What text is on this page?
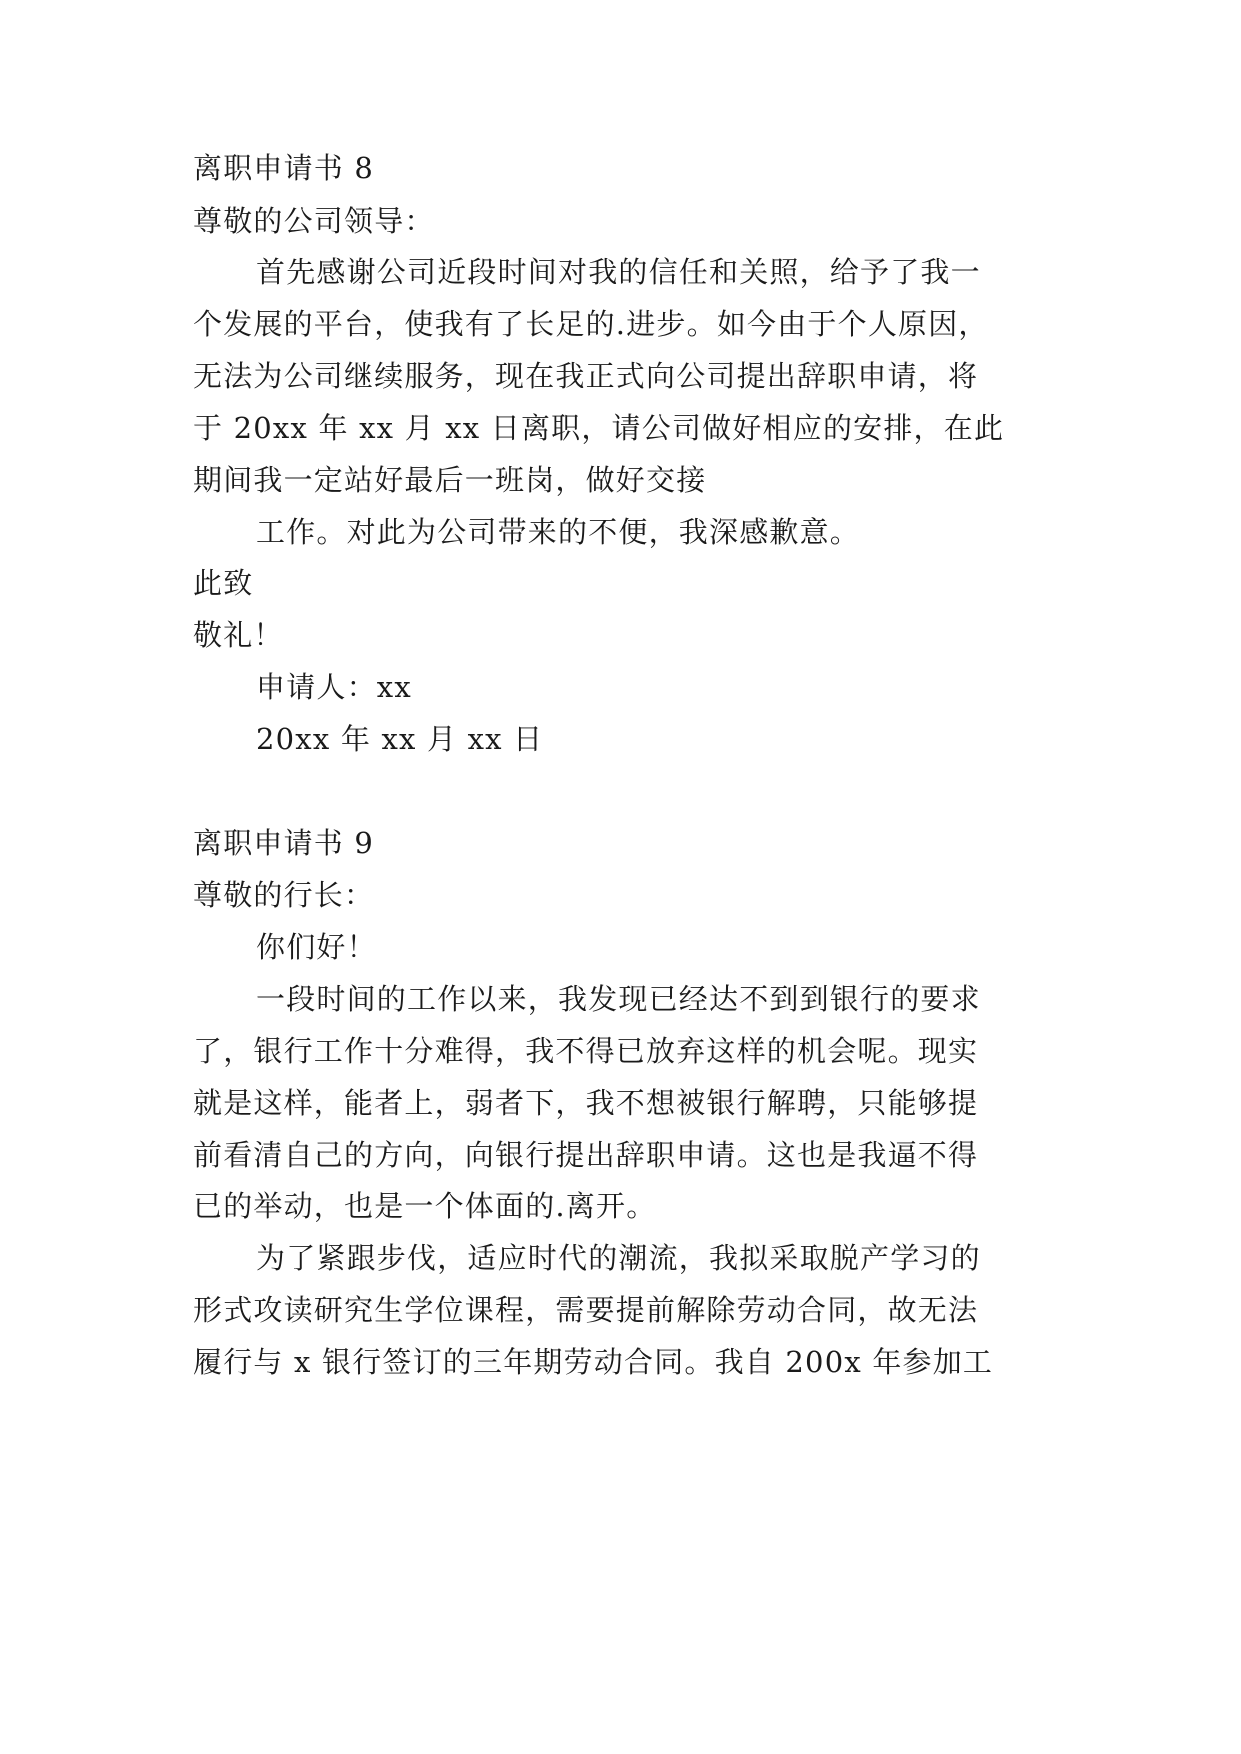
离职申请书 8
尊敬的公司领导：
首先感谢公司近段时间对我的信任和关照，给予了我一
个发展的平台，使我有了长足的.进步。如今由于个人原因，
无法为公司继续服务，现在我正式向公司提出辞职申请，将
于 20xx 年 xx 月 xx 日离职，请公司做好相应的安排，在此
期间我一定站好最后一班岗，做好交接
工作。对此为公司带来的不便，我深感歉意。
此致
敬礼！
申请人：xx
20xx 年 xx 月 xx 日
离职申请书 9
尊敬的行长：
你们好！
一段时间的工作以来，我发现已经达不到到银行的要求
了，银行工作十分难得，我不得已放弃这样的机会呢。现实
就是这样，能者上，弱者下，我不想被银行解聘，只能够提
前看清自己的方向，向银行提出辞职申请。这也是我逼不得
已的举动，也是一个体面的.离开。
为了紧跟步伐，适应时代的潮流，我拟采取脱产学习的
形式攻读研究生学位课程，需要提前解除劳动合同，故无法
履行与 x 银行签订的三年期劳动合同。我自 200x 年参加工
